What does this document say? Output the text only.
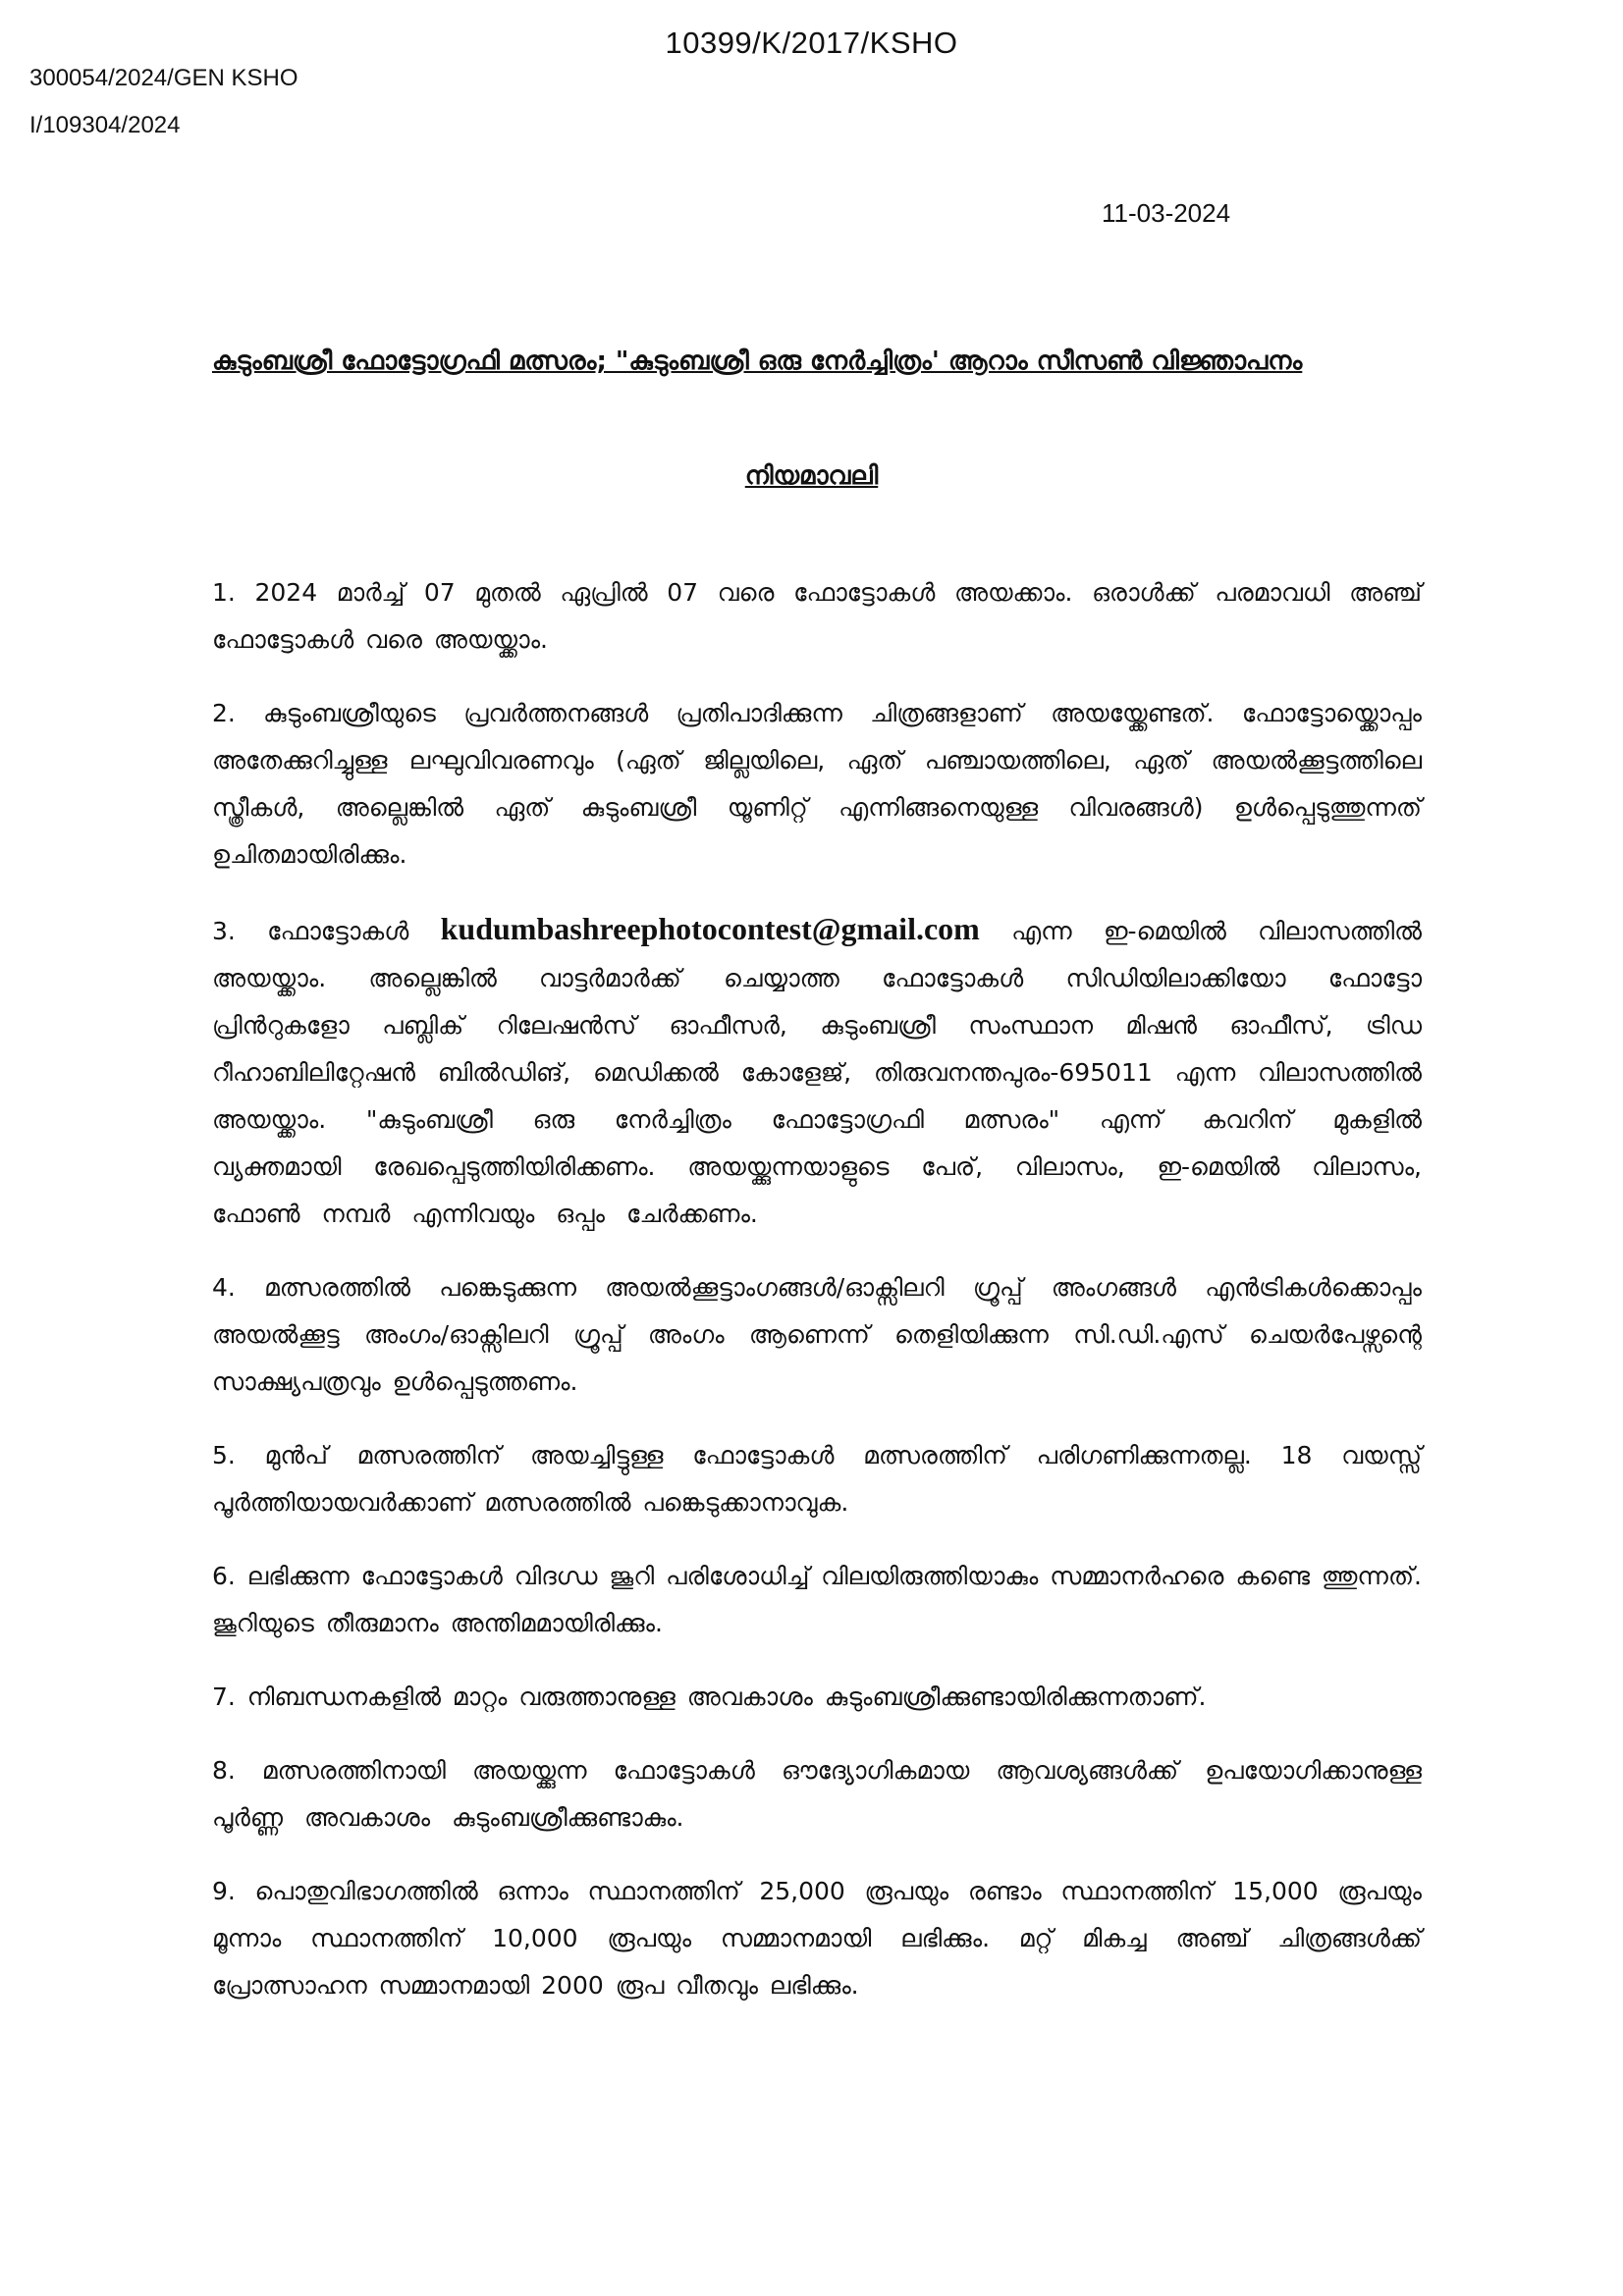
10399/K/2017/KSHO
300054/2024/GEN KSHO
I/109304/2024
11-03-2024
കുടുംബശ്രീ ഫോട്ടോഗ്രഫി മത്സരം; "കുടുംബശ്രീ ഒരു നേർച്ചിത്രം' ആറാം സീസൺ വിജ്ഞാപനം
നിയമാവലി

1. 2024 മാർച്ച് 07 മുതൽ ഏപ്രിൽ 07 വരെ ഫോട്ടോകൾ അയക്കാം. ഒരാൾക്ക് പരമാവധി അഞ്ച് ഫോട്ടോകൾ വരെ അയയ്ക്കാം.

2. കുടുംബശ്രീയുടെ പ്രവർത്തനങ്ങൾ പ്രതിപാദിക്കുന്ന ചിത്രങ്ങളാണ് അയയ്ക്കേണ്ടത്. ഫോട്ടോയ്ക്കൊപ്പം അതേക്കുറിച്ചുള്ള ലഘുവിവരണവും (ഏത് ജില്ലയിലെ, ഏത് പഞ്ചായത്തിലെ, ഏത് അയൽക്കൂട്ടത്തിലെ സ്ത്രീകൾ, അല്ലെങ്കിൽ ഏത് കുടുംബശ്രീ യൂണിറ്റ് എന്നിങ്ങനെയുള്ള വിവരങ്ങൾ) ഉൾപ്പെടുത്തുന്നത് ഉചിതമായിരിക്കും.

3. ഫോട്ടോകൾ kudumbashreephotocontest@gmail.com എന്ന ഇ-മെയിൽ വിലാസത്തിൽ അയയ്ക്കാം. അല്ലെങ്കിൽ വാട്ടർമാർക്ക് ചെയ്യാത്ത ഫോട്ടോകൾ സിഡിയിലാക്കിയോ ഫോട്ടോ പ്രിൻറുകളോ പബ്ലിക് റിലേഷൻസ് ഓഫീസർ, കുടുംബശ്രീ സംസ്ഥാന മിഷൻ ഓഫീസ്, ട്രിഡ റീഹാബിലിറ്റേഷൻ ബിൽഡിങ്, മെഡിക്കൽ കോളേജ്, തിരുവനന്തപുരം-695011 എന്ന വിലാസത്തിൽ അയയ്ക്കാം. "കുടുംബശ്രീ ഒരു നേർച്ചിത്രം ഫോട്ടോഗ്രഫി മത്സരം" എന്ന് കവറിന് മുകളിൽ വ്യക്തമായി രേഖപ്പെടുത്തിയിരിക്കണം. അയയ്ക്കുന്നയാളുടെ പേര്, വിലാസം, ഇ-മെയിൽ വിലാസം, ഫോൺ നമ്പർ എന്നിവയും ഒപ്പം ചേർക്കണം.

4. മത്സരത്തിൽ പങ്കെടുക്കുന്ന അയൽക്കൂട്ടാംഗങ്ങൾ/ഓക്സിലറി ഗ്രൂപ്പ് അംഗങ്ങൾ എൻട്രികൾക്കൊപ്പം അയൽക്കൂട്ട അംഗം/ഓക്സിലറി ഗ്രൂപ്പ് അംഗം ആണെന്ന് തെളിയിക്കുന്ന സി.ഡി.എസ് ചെയർപേഴ്സന്റെ സാക്ഷ്യപത്രവും ഉൾപ്പെടുത്തണം.

5. മുൻപ് മത്സരത്തിന് അയച്ചിട്ടുള്ള ഫോട്ടോകൾ മത്സരത്തിന് പരിഗണിക്കുന്നതല്ല. 18 വയസ്സ് പൂർത്തിയായവർക്കാണ് മത്സരത്തിൽ പങ്കെടുക്കാനാവുക.

6. ലഭിക്കുന്ന ഫോട്ടോകൾ വിദഗ്ധ ജൂറി പരിശോധിച്ച് വിലയിരുത്തിയാകും സമ്മാനർഹരെ കണ്ടെ ത്തുന്നത്. ജൂറിയുടെ തീരുമാനം അന്തിമമായിരിക്കും.

7. നിബന്ധനകളിൽ മാറ്റം വരുത്താനുള്ള അവകാശം കുടുംബശ്രീക്കുണ്ടായിരിക്കുന്നതാണ്.

8. മത്സരത്തിനായി അയയ്ക്കുന്ന ഫോട്ടോകൾ ഔദ്യോഗികമായ ആവശ്യങ്ങൾക്ക് ഉപയോഗിക്കാനുള്ള പൂർണ്ണ അവകാശം കുടുംബശ്രീക്കുണ്ടാകും.

9. പൊതുവിഭാഗത്തിൽ ഒന്നാം സ്ഥാനത്തിന് 25,000 രൂപയും രണ്ടാം സ്ഥാനത്തിന് 15,000 രൂപയും മൂന്നാം സ്ഥാനത്തിന് 10,000 രൂപയും സമ്മാനമായി ലഭിക്കും. മറ്റ് മികച്ച അഞ്ച് ചിത്രങ്ങൾക്ക് പ്രോത്സാഹന സമ്മാനമായി 2000 രൂപ വീതവും ലഭിക്കും.
